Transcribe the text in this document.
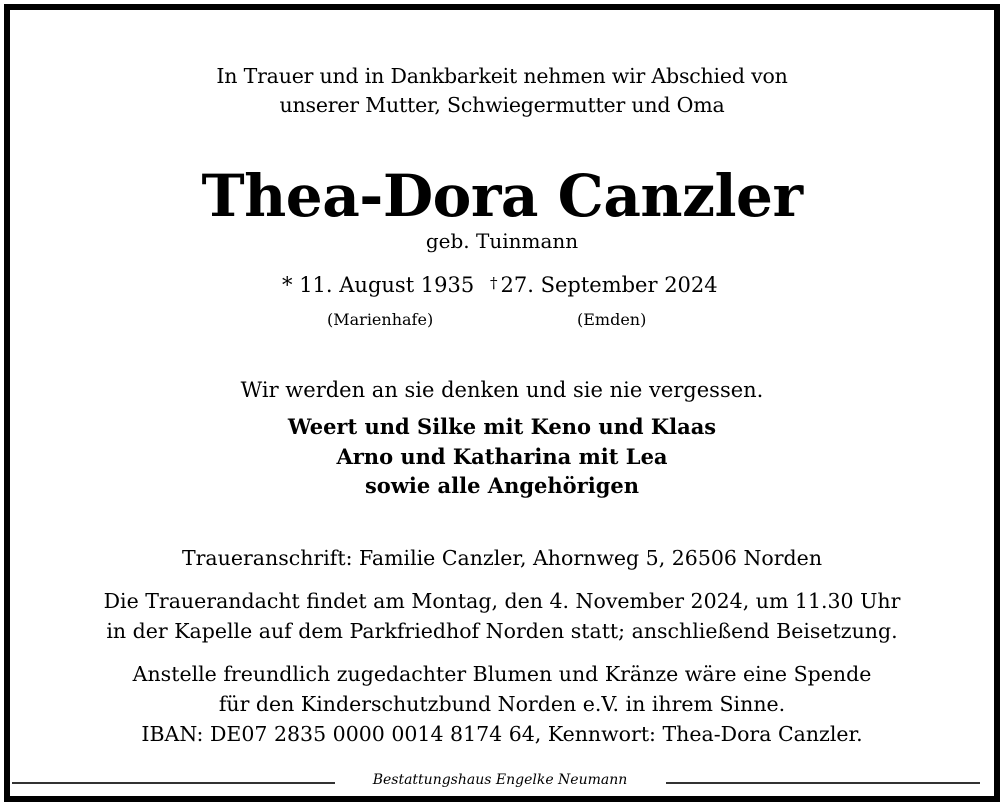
In Trauer und in Dankbarkeit nehmen wir Abschied von
unserer Mutter, Schwiegermutter und Oma
Thea-Dora Canzler
geb. Tuinmann
* 11. August 1935 † 27. September 2024
(Marienhafe)	(Emden)
Wir werden an sie denken und sie nie vergessen.
Weert und Silke mit Keno und Klaas
Arno und Katharina mit Lea
sowie alle Angehörigen
Traueranschrift: Familie Canzler, Ahornweg 5, 26506 Norden
Die Trauerandacht findet am Montag, den 4. November 2024, um 11.30 Uhr
in der Kapelle auf dem Parkfriedhof Norden statt; anschließend Beisetzung.
Anstelle freundlich zugedachter Blumen und Kränze wäre eine Spende
für den Kinderschutzbund Norden e.V. in ihrem Sinne.
IBAN: DE07 2835 0000 0014 8174 64, Kennwort: Thea-Dora Canzler.
Bestattungshaus Engelke Neumann
